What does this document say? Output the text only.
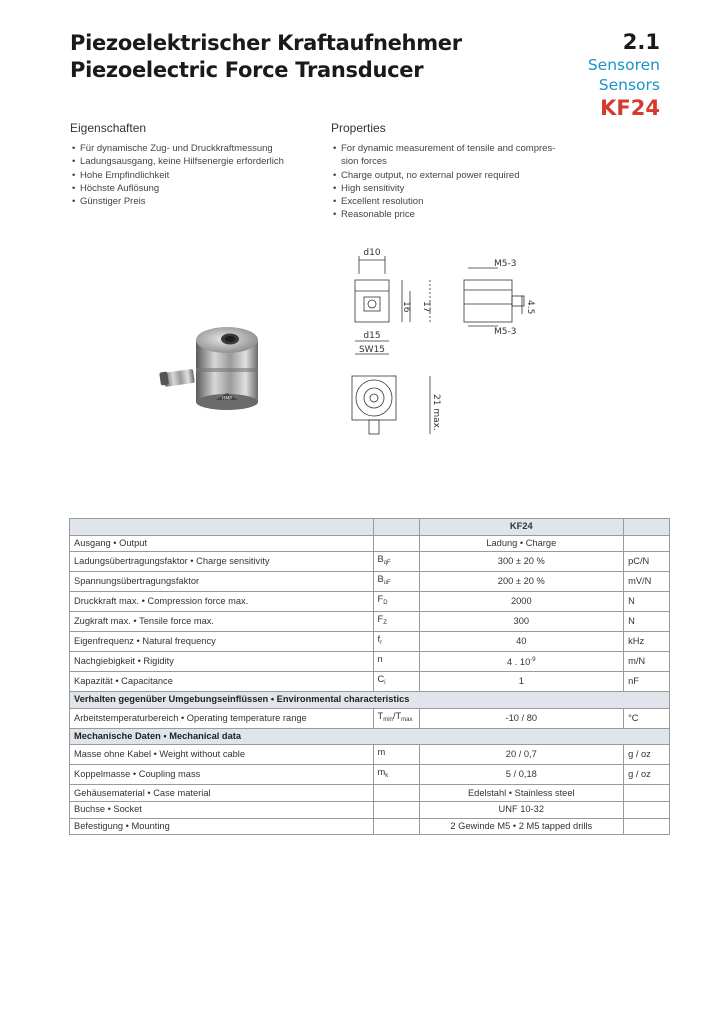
Piezoelektrischer Kraftaufnehmer
Piezoelectric Force Transducer
2.1
Sensoren
Sensors
KF24
Eigenschaften
• Für dynamische Zug- und Druckkraftmessung
• Ladungsausgang, keine Hilfsenergie erforderlich
• Hohe Empfindlichkeit
• Höchste Auflösung
• Günstiger Preis
Properties
• For dynamic measurement of tensile and compres-
sion forces
• Charge output, no external power required
• High sensitivity
• Excellent resolution
• Reasonable price
HMP
d10
16 17
d15
SW15
21 max.
M5-3
M5-3
4.5
		KF24	
Ausgang • Output		Ladung • Charge	
Ladungsübertragungsfaktor • Charge sensitivity	$B_{qF}$	300 ± 20 %	pC/N
Spannungsübertragungsfaktor	$B_{uF}$	200 ± 20 %	mV/N
Druckkraft max. • Compression force max.	$F_D$	2000	N
Zugkraft max. • Tensile force max.	$F_Z$	300	N
Eigenfrequenz • Natural frequency	$f_r$	40	kHz
Nachgiebigkeit • Rigidity	n	4 . $10^{-9}$	m/N
Kapazität • Capacitance	$C_i$	1	nF
Verhalten gegenüber Umgebungseinflüssen • Environmental characteristics			
Arbeitstemperaturbereich • Operating temperature range	$T_{min}/T_{max}$	-10 / 80	°C
Mechanische Daten • Mechanical data			
Masse ohne Kabel • Weight without cable	m	20 / 0,7	g / oz
Koppelmasse • Coupling mass	$m_k$	5 / 0,18	g / oz
Gehäusematerial • Case material		Edelstahl • Stainless steel	
Buchse • Socket		UNF 10-32	
Befestigung • Mounting		2 Gewinde M5 • 2 M5 tapped drills	
